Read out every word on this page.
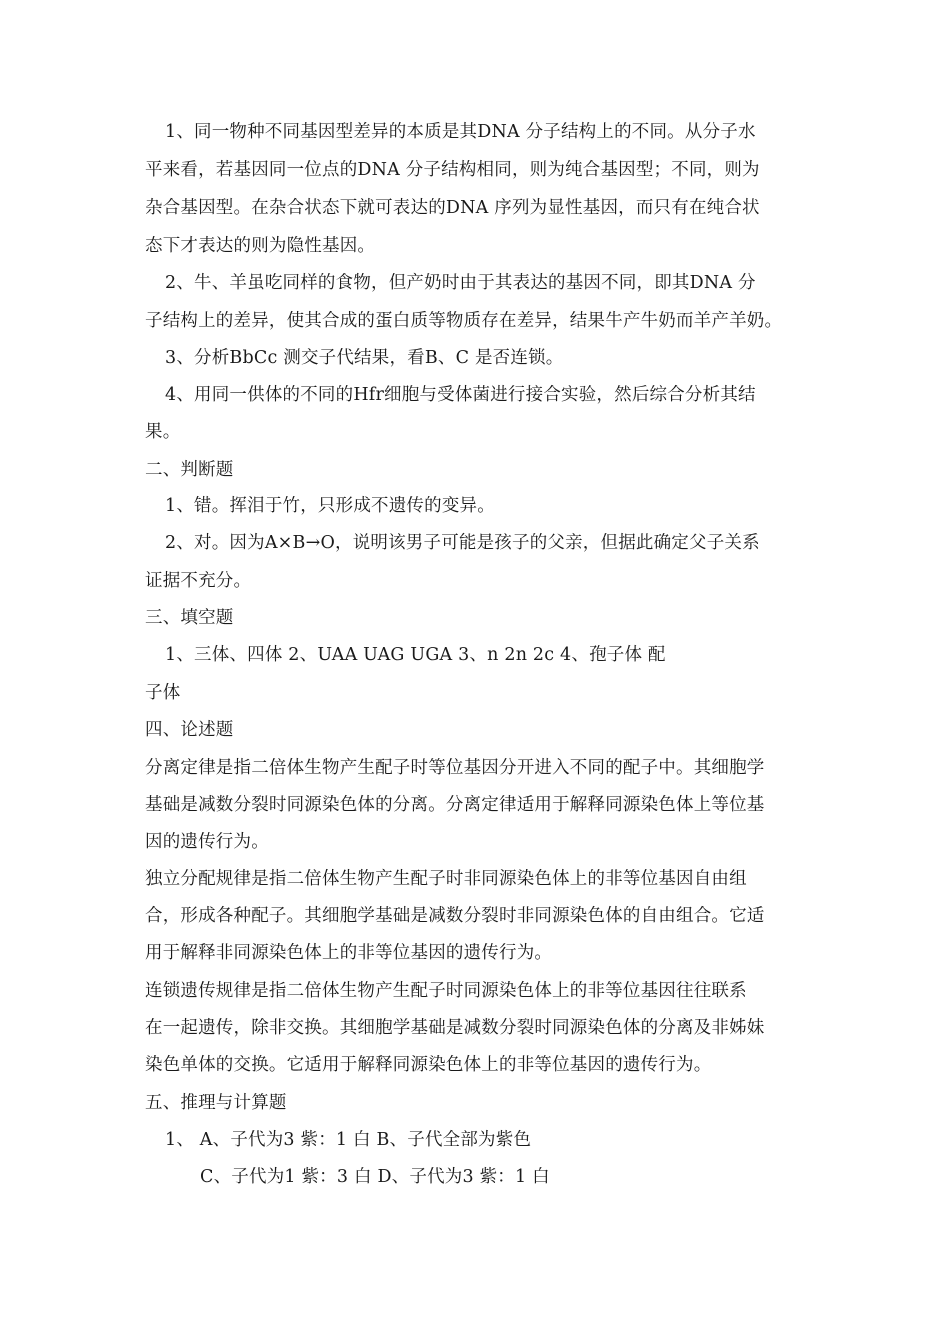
1、同一物种不同基因型差异的本质是其DNA 分子结构上的不同。从分子水
平来看，若基因同一位点的DNA 分子结构相同，则为纯合基因型；不同，则为
杂合基因型。在杂合状态下就可表达的DNA 序列为显性基因，而只有在纯合状
态下才表达的则为隐性基因。
2、牛、羊虽吃同样的食物，但产奶时由于其表达的基因不同，即其DNA 分
子结构上的差异，使其合成的蛋白质等物质存在差异，结果牛产牛奶而羊产羊奶。
3、分析BbCc 测交子代结果，看B、C 是否连锁。
4、用同一供体的不同的Hfr细胞与受体菌进行接合实验，然后综合分析其结
果。
二、判断题
1、错。挥泪于竹，只形成不遗传的变异。
2、对。因为A×B→O，说明该男子可能是孩子的父亲，但据此确定父子关系
证据不充分。
三、填空题
1、三体、四体 2、UAA UAG UGA 3、n 2n 2c 4、孢子体 配
子体
四、论述题
分离定律是指二倍体生物产生配子时等位基因分开进入不同的配子中。其细胞学
基础是减数分裂时同源染色体的分离。分离定律适用于解释同源染色体上等位基
因的遗传行为。
独立分配规律是指二倍体生物产生配子时非同源染色体上的非等位基因自由组
合，形成各种配子。其细胞学基础是减数分裂时非同源染色体的自由组合。它适
用于解释非同源染色体上的非等位基因的遗传行为。
连锁遗传规律是指二倍体生物产生配子时同源染色体上的非等位基因往往联系
在一起遗传，除非交换。其细胞学基础是减数分裂时同源染色体的分离及非姊妹
染色单体的交换。它适用于解释同源染色体上的非等位基因的遗传行为。
五、推理与计算题
1、 A、子代为3 紫：1 白 B、子代全部为紫色
C、子代为1 紫：3 白 D、子代为3 紫：1 白
